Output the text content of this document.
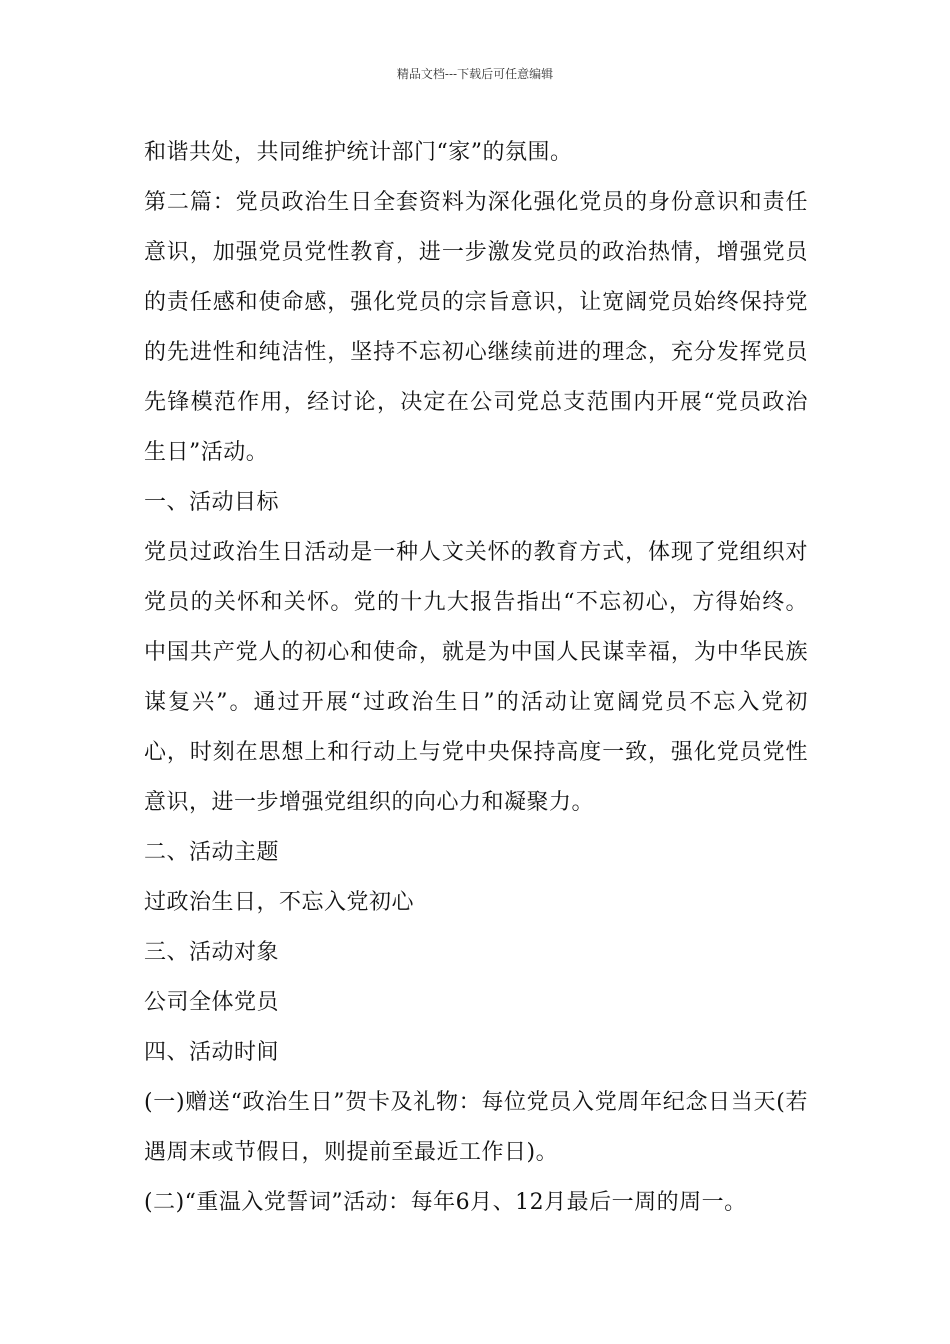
精品文档---下载后可任意编辑

和谐共处，共同维护统计部门“家”的氛围。

第二篇：党员政治生日全套资料为深化强化党员的身份意识和责任意识，加强党员党性教育，进一步激发党员的政治热情，增强党员的责任感和使命感，强化党员的宗旨意识，让宽阔党员始终保持党的先进性和纯洁性，坚持不忘初心继续前进的理念，充分发挥党员先锋模范作用，经讨论，决定在公司党总支范围内开展“党员政治生日”活动。

一、活动目标

党员过政治生日活动是一种人文关怀的教育方式，体现了党组织对党员的关怀和关怀。党的十九大报告指出“不忘初心，方得始终。中国共产党人的初心和使命，就是为中国人民谋幸福，为中华民族谋复兴”。通过开展“过政治生日”的活动让宽阔党员不忘入党初心，时刻在思想上和行动上与党中央保持高度一致，强化党员党性意识，进一步增强党组织的向心力和凝聚力。

二、活动主题

过政治生日，不忘入党初心

三、活动对象

公司全体党员

四、活动时间

(一)赠送“政治生日”贺卡及礼物：每位党员入党周年纪念日当天(若遇周末或节假日，则提前至最近工作日)。

(二)“重温入党誓词”活动：每年6月、12月最后一周的周一。
